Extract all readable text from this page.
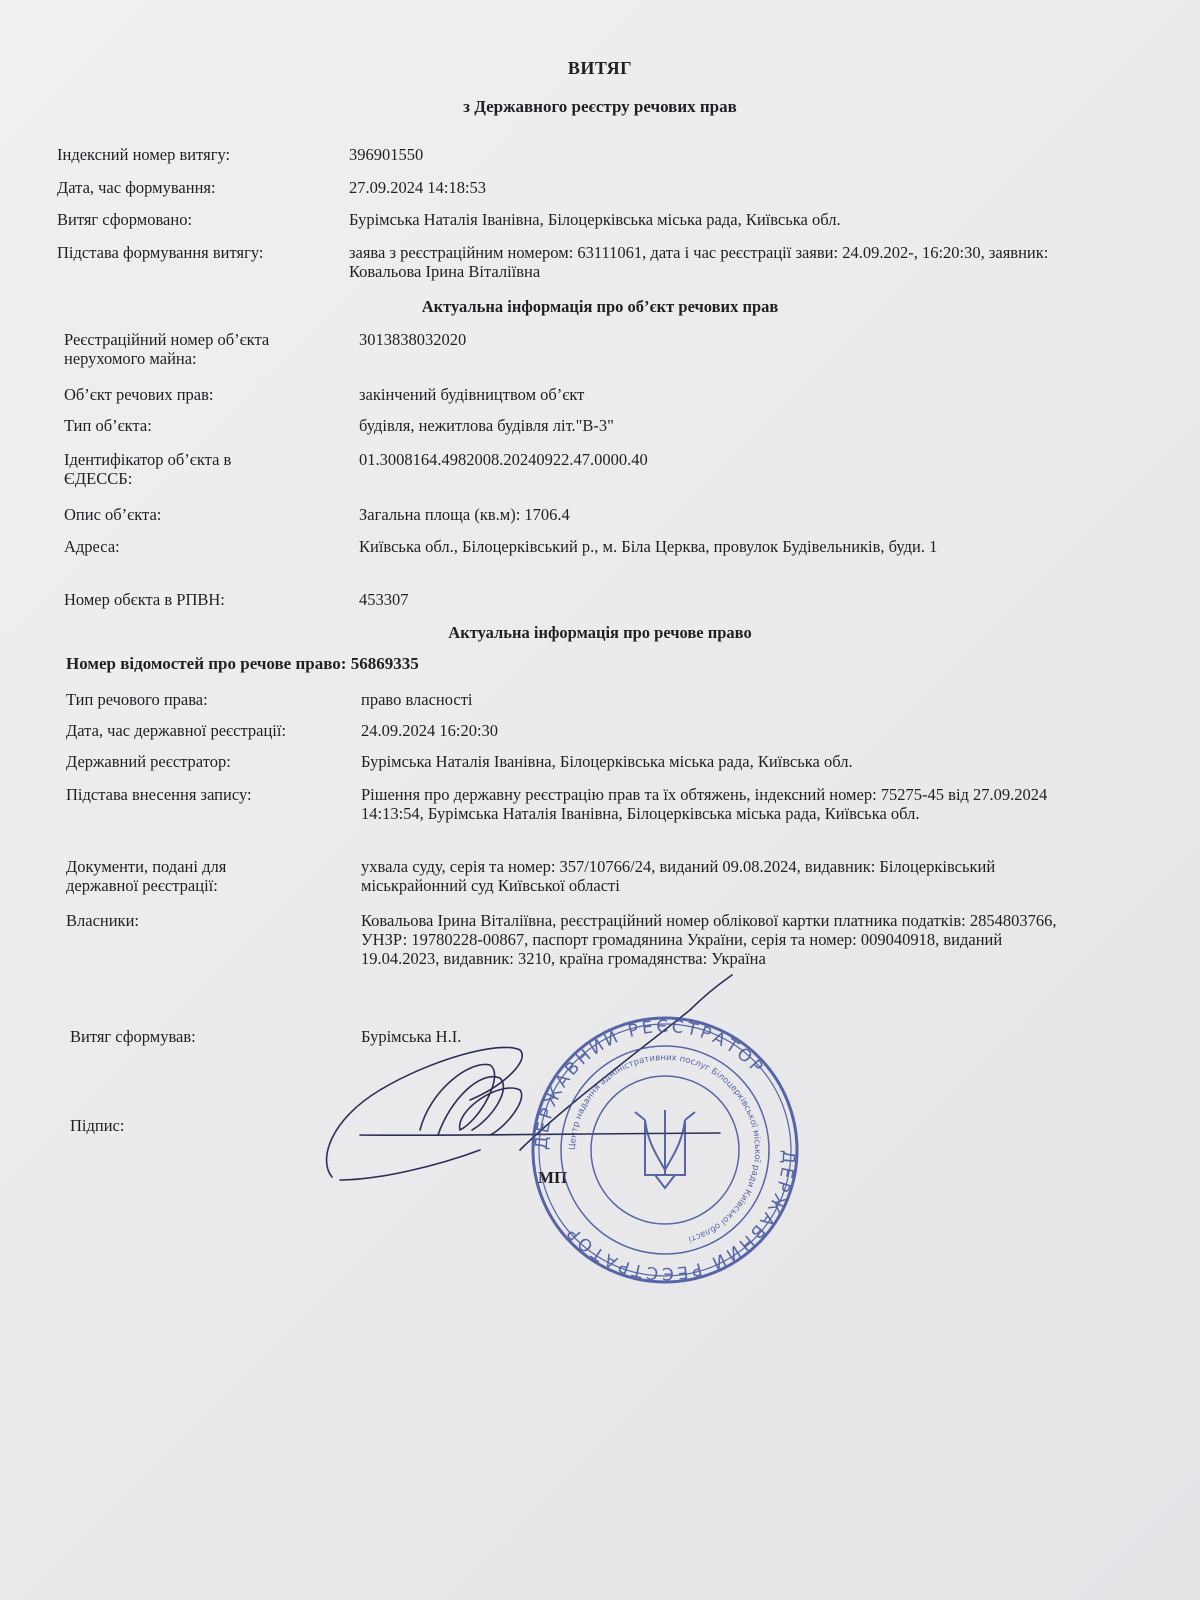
ВИТЯГ
з Державного реєстру речових прав
Індексний номер витягу:	396901550
Дата, час формування:	27.09.2024 14:18:53
Витяг сформовано:	Бурімська Наталія Іванівна, Білоцерківська міська рада, Київська обл.
Підстава формування витягу:	заява з реєстраційним номером: 63111061, дата і час реєстрації заяви: 24.09.202-, 16:20:30, заявник: Ковальова Ірина Віталіївна
Актуальна інформація про об’єкт речових прав
Реєстраційний номер об’єкта нерухомого майна:
3013838032020
Об’єкт речових прав:	закінчений будівництвом об’єкт
Тип об’єкта:	будівля, нежитлова будівля літ."В-3"
Ідентифікатор об’єкта в ЄДЕССБ:
01.3008164.4982008.20240922.47.0000.40
Опис об’єкта:	Загальна площа (кв.м): 1706.4
Адреса:	Київська обл., Білоцерківський р., м. Біла Церква, провулок Будівельників, буди. 1
Номер обєкта в РПВН:	453307
Актуальна інформація про речове право
Номер відомостей про речове право: 56869335
Тип речового права:	право власності
Дата, час державної реєстрації:	24.09.2024 16:20:30
Державний реєстратор:	Бурімська Наталія Іванівна, Білоцерківська міська рада, Київська обл.
Підстава внесення запису:	Рішення про державну реєстрацію прав та їх обтяжень, індексний номер: 75275-45 від 27.09.2024 14:13:54, Бурімська Наталія Іванівна, Білоцерківська міська рада, Київська обл.
Документи, подані для державної реєстрації:
ухвала суду, серія та номер: 357/10766/24, виданий 09.08.2024, видавник: Білоцерківський міськрайонний суд Київської області
Власники:	Ковальова Ірина Віталіївна, реєстраційний номер облікової картки платника податків: 2854803766, УНЗР: 19780228-00867, паспорт громадянина України, серія та номер: 009040918, виданий 19.04.2023, видавник: 3210, країна громадянства: Україна
Витяг сформував:	Бурімська Н.І.
Підпис:
МП
ДЕРЖАВНИЙ РЕЄСТРАТОР
ДЕРЖАВНИЙ РЕЄСТРАТОР
Центр надання адміністративних послуг Білоцерківської міської ради Київської області
